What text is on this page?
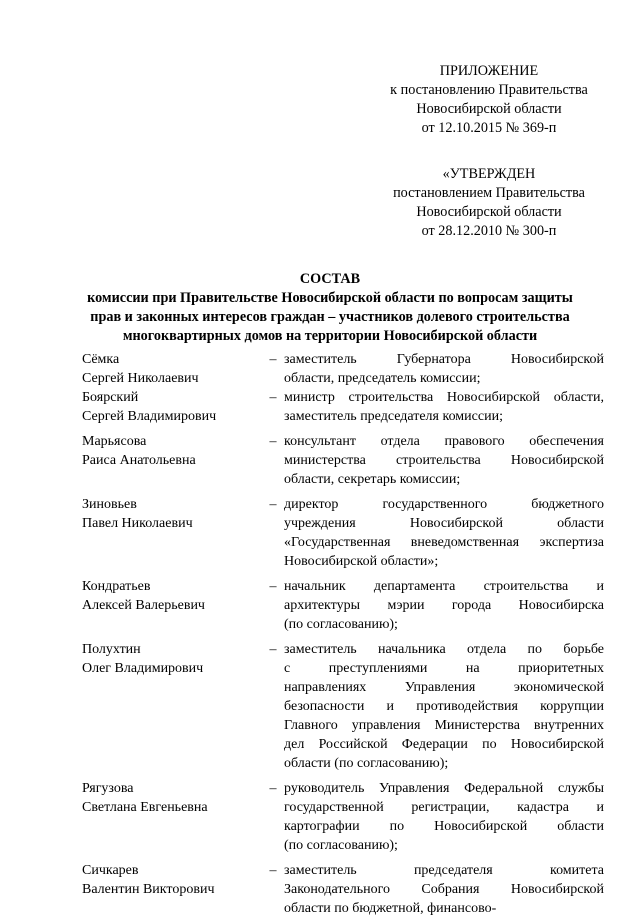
ПРИЛОЖЕНИЕ
к постановлению Правительства
Новосибирской области
от 12.10.2015 № 369-п
«УТВЕРЖДЕН
постановлением Правительства
Новосибирской области
от 28.12.2010 № 300-п
СОСТАВ
комиссии при Правительстве Новосибирской области по вопросам защиты
прав и законных интересов граждан – участников долевого строительства
многоквартирных домов на территории Новосибирской области
Сёмка
Сергей Николаевич
– заместитель Губернатора Новосибирской
области, председатель комиссии;
Боярский
Сергей Владимирович
– министр строительства Новосибирской области,
заместитель председателя комиссии;
Марьясова
Раиса Анатольевна
– консультант отдела правового обеспечения
министерства строительства Новосибирской
области, секретарь комиссии;
Зиновьев
Павел Николаевич
– директор государственного бюджетного
учреждения Новосибирской области
«Государственная вневедомственная экспертиза
Новосибирской области»;
Кондратьев
Алексей Валерьевич
– начальник департамента строительства и
архитектуры мэрии города Новосибирска
(по согласованию);
Полухтин
Олег Владимирович
– заместитель начальника отдела по борьбе
с преступлениями на приоритетных
направлениях Управления экономической
безопасности и противодействия коррупции
Главного управления Министерства внутренних
дел Российской Федерации по Новосибирской
области (по согласованию);
Рягузова
Светлана Евгеньевна
– руководитель Управления Федеральной службы
государственной регистрации, кадастра и
картографии по Новосибирской области
(по согласованию);
Сичкарев
Валентин Викторович
– заместитель председателя комитета
Законодательного Собрания Новосибирской
области по бюджетной, финансово-
